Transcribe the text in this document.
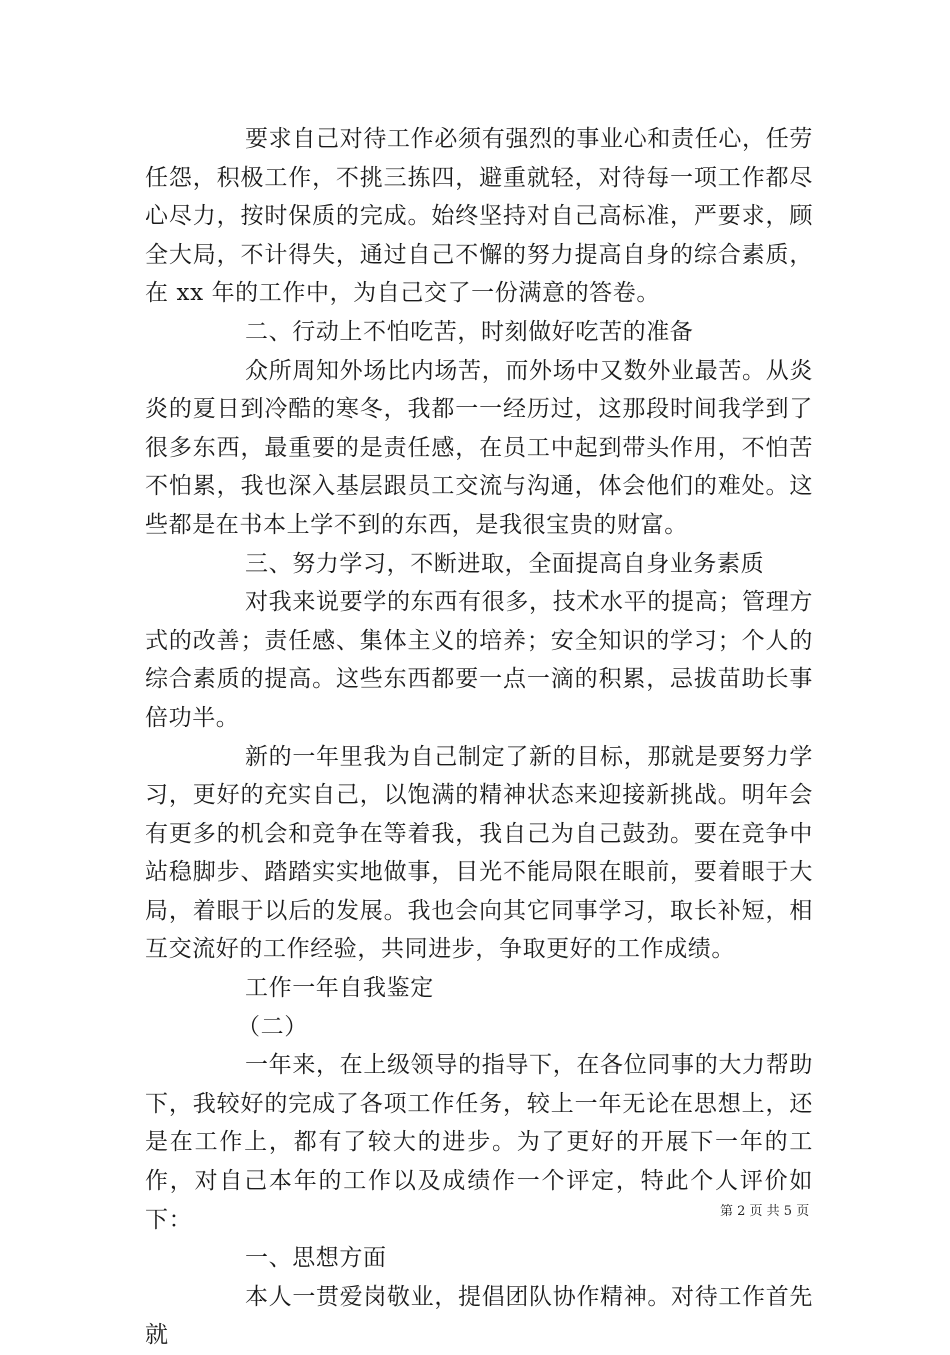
要求自己对待工作必须有强烈的事业心和责任心，任劳任怨，积极工作，不挑三拣四，避重就轻，对待每一项工作都尽心尽力，按时保质的完成。始终坚持对自己高标准，严要求，顾全大局，不计得失，通过自己不懈的努力提高自身的综合素质，在 xx 年的工作中，为自己交了一份满意的答卷。

二、行动上不怕吃苦，时刻做好吃苦的准备

众所周知外场比内场苦，而外场中又数外业最苦。从炎炎的夏日到冷酷的寒冬，我都一一经历过，这那段时间我学到了很多东西，最重要的是责任感，在员工中起到带头作用，不怕苦不怕累，我也深入基层跟员工交流与沟通，体会他们的难处。这些都是在书本上学不到的东西，是我很宝贵的财富。

三、努力学习，不断进取，全面提高自身业务素质

对我来说要学的东西有很多，技术水平的提高；管理方式的改善；责任感、集体主义的培养；安全知识的学习；个人的综合素质的提高。这些东西都要一点一滴的积累，忌拔苗助长事倍功半。

新的一年里我为自己制定了新的目标，那就是要努力学习，更好的充实自己，以饱满的精神状态来迎接新挑战。明年会有更多的机会和竞争在等着我，我自己为自己鼓劲。要在竞争中站稳脚步、踏踏实实地做事，目光不能局限在眼前，要着眼于大局，着眼于以后的发展。我也会向其它同事学习，取长补短，相互交流好的工作经验，共同进步，争取更好的工作成绩。

工作一年自我鉴定

（二）

一年来，在上级领导的指导下，在各位同事的大力帮助下，我较好的完成了各项工作任务，较上一年无论在思想上，还是在工作上，都有了较大的进步。为了更好的开展下一年的工作，对自己本年的工作以及成绩作一个评定，特此个人评价如下：

一、思想方面

本人一贯爱岗敬业，提倡团队协作精神。对待工作首先就

第 2 页 共 5 页
